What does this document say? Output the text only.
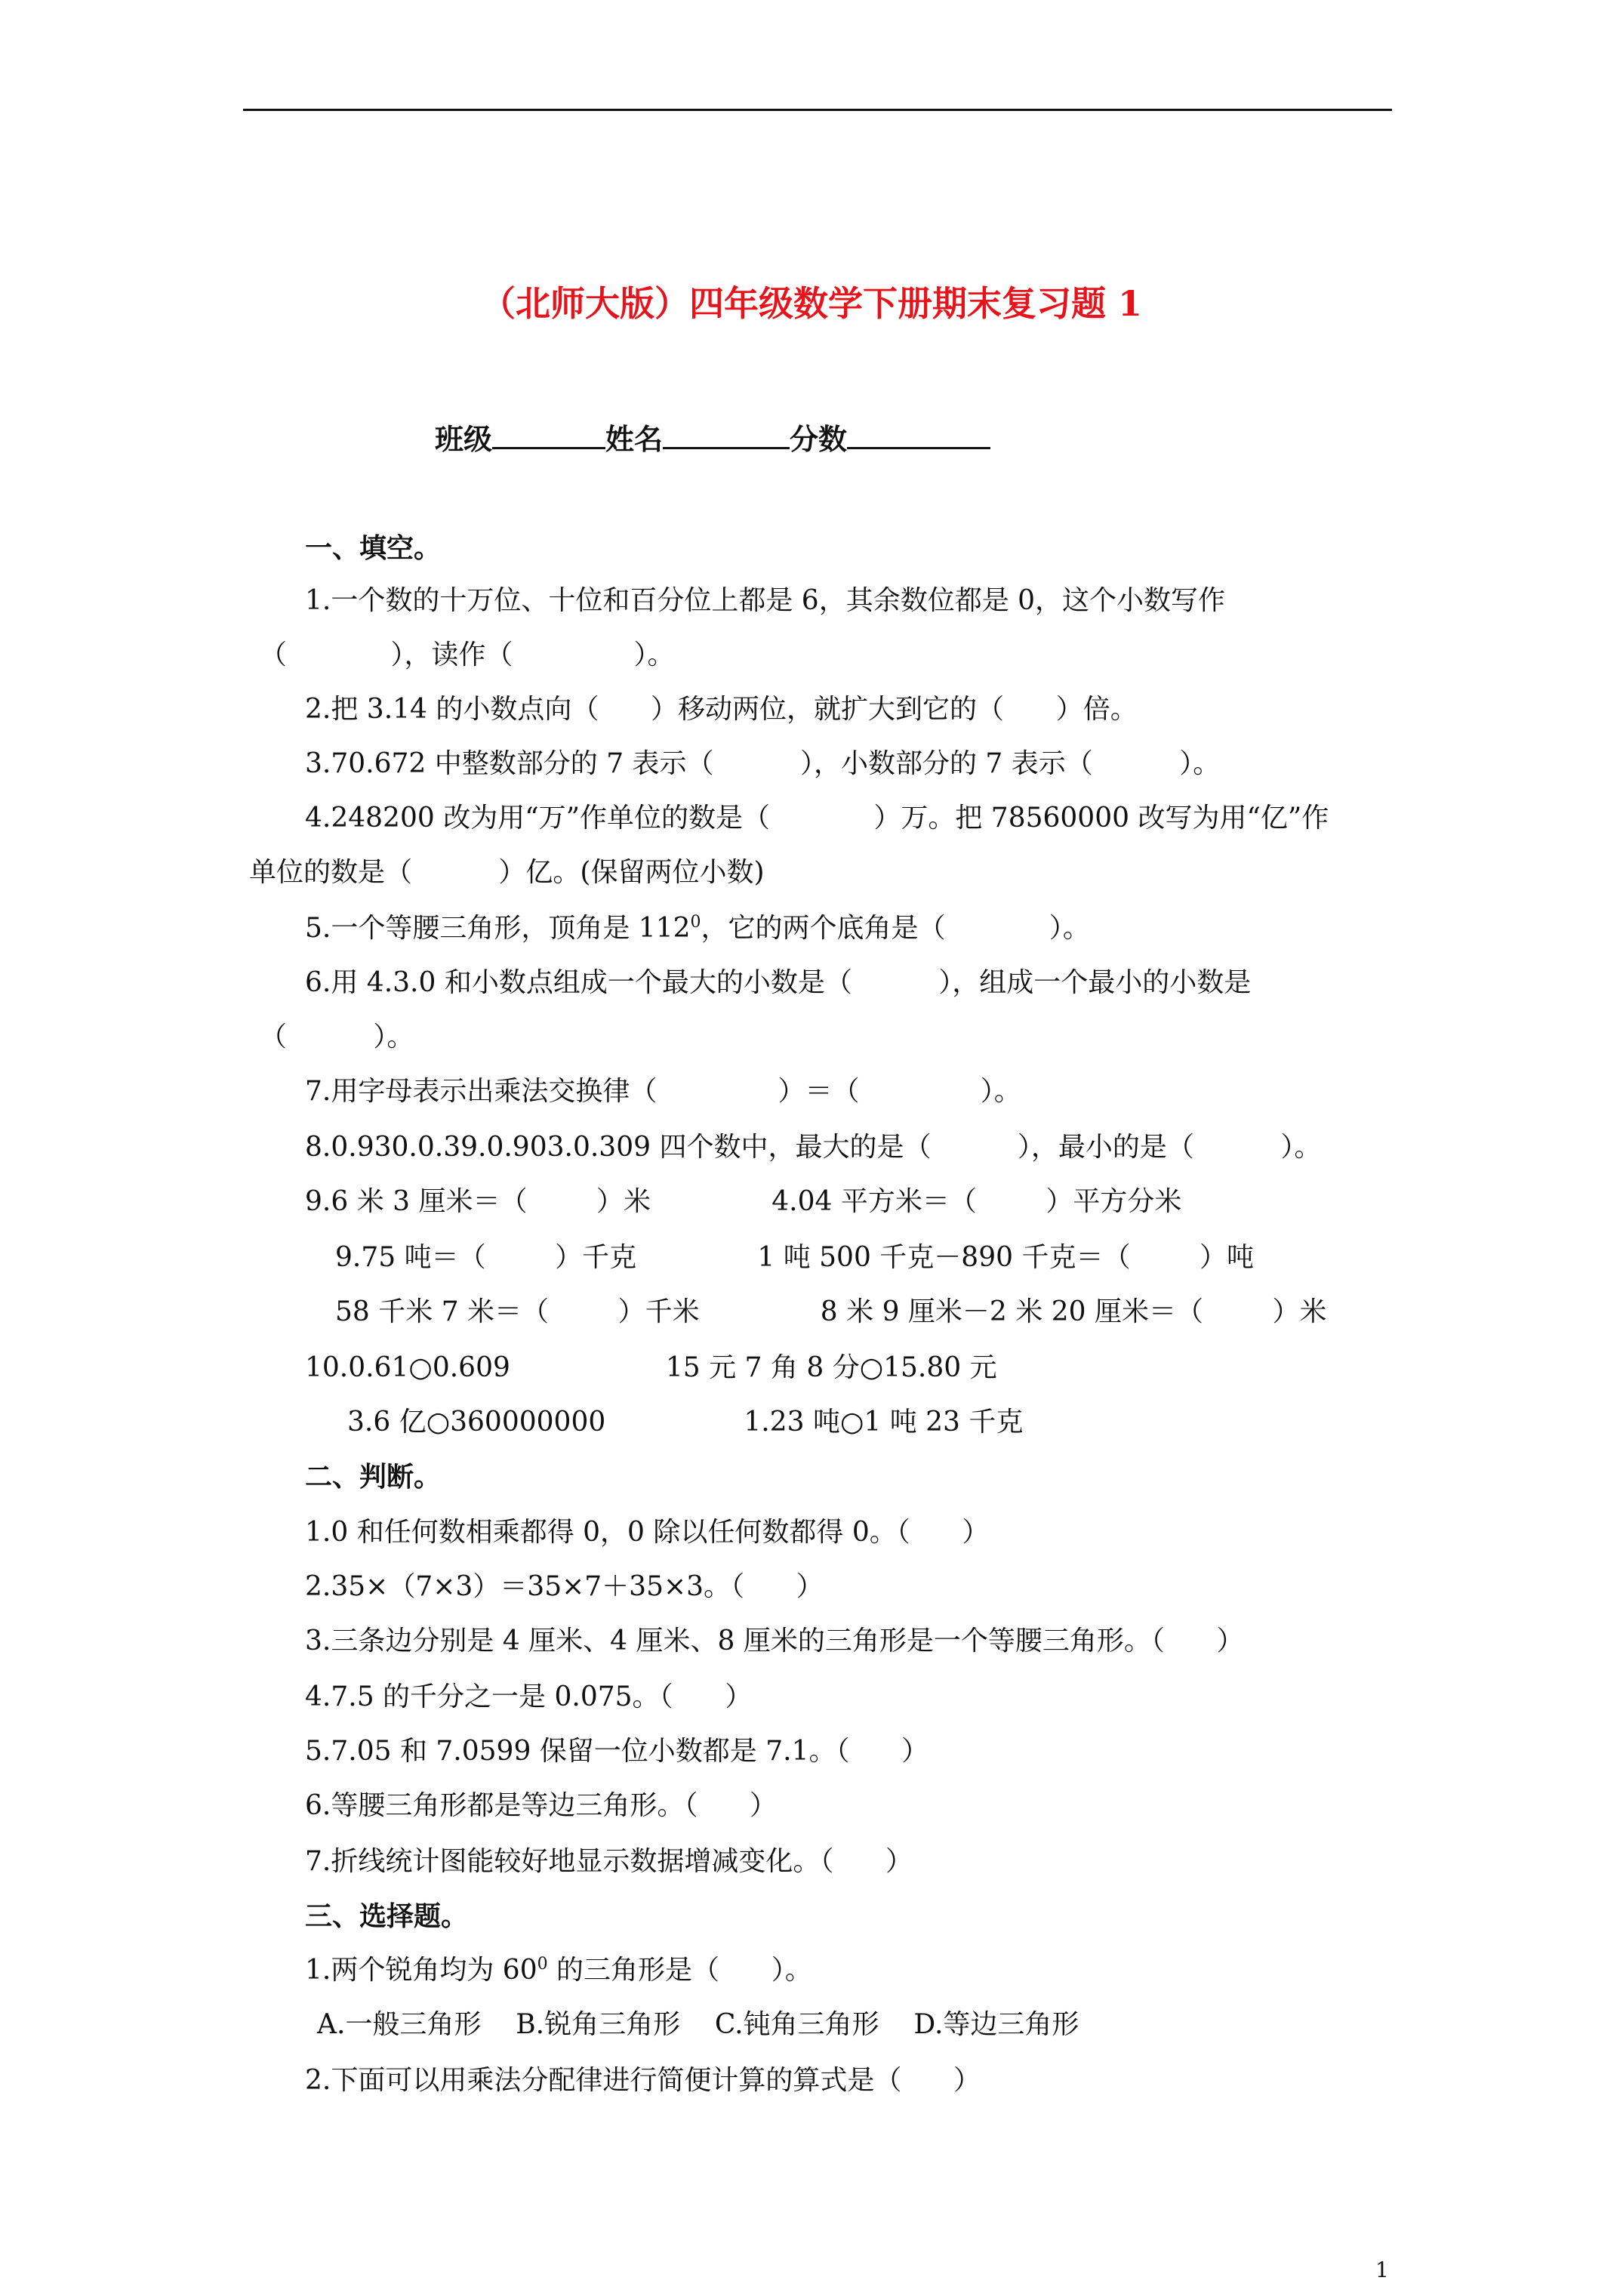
（北师大版）四年级数学下册期末复习题 1
班级	姓名	分数
一、填空。
1.一个数的十万位、十位和百分位上都是 6，其余数位都是 0，这个小数写作
（            ），读作（              ）。
2.把 3.14 的小数点向（      ）移动两位，就扩大到它的（      ）倍。
3.70.672 中整数部分的 7 表示（          ），小数部分的 7 表示（          ）。
4.248200 改为用“万”作单位的数是（            ）万。把 78560000 改写为用“亿”作
单位的数是（          ）亿。(保留两位小数)
5.一个等腰三角形，顶角是 $112^0$，它的两个底角是（            ）。
6.用 4.3.0 和小数点组成一个最大的小数是（          ），组成一个最小的小数是
（          ）。
7.用字母表示出乘法交换律（              ）＝（              ）。
8.0.930.0.39.0.903.0.309 四个数中，最大的是（          ），最小的是（          ）。
9.6 米 3 厘米＝（        ）米              4.04 平方米＝（        ）平方分米
9.75 吨＝（        ）千克              1 吨 500 千克－890 千克＝（        ）吨
58 千米 7 米＝（        ）千米              8 米 9 厘米－2 米 20 厘米＝（        ）米
10.0.61○0.609                  15 元 7 角 8 分○15.80 元
3.6 亿○360000000                1.23 吨○1 吨 23 千克
二、判断。
1.0 和任何数相乘都得 0，0 除以任何数都得 0。（      ）
2.35×（7×3）＝35×7＋35×3。（      ）
3.三条边分别是 4 厘米、4 厘米、8 厘米的三角形是一个等腰三角形。（      ）
4.7.5 的千分之一是 0.075。（      ）
5.7.05 和 7.0599 保留一位小数都是 7.1。（      ）
6.等腰三角形都是等边三角形。（      ）
7.折线统计图能较好地显示数据增减变化。（      ）
三、选择题。
1.两个锐角均为 $60^0$ 的三角形是（      ）。
A.一般三角形    B.锐角三角形    C.钝角三角形    D.等边三角形
2.下面可以用乘法分配律进行简便计算的算式是（      ）
1
